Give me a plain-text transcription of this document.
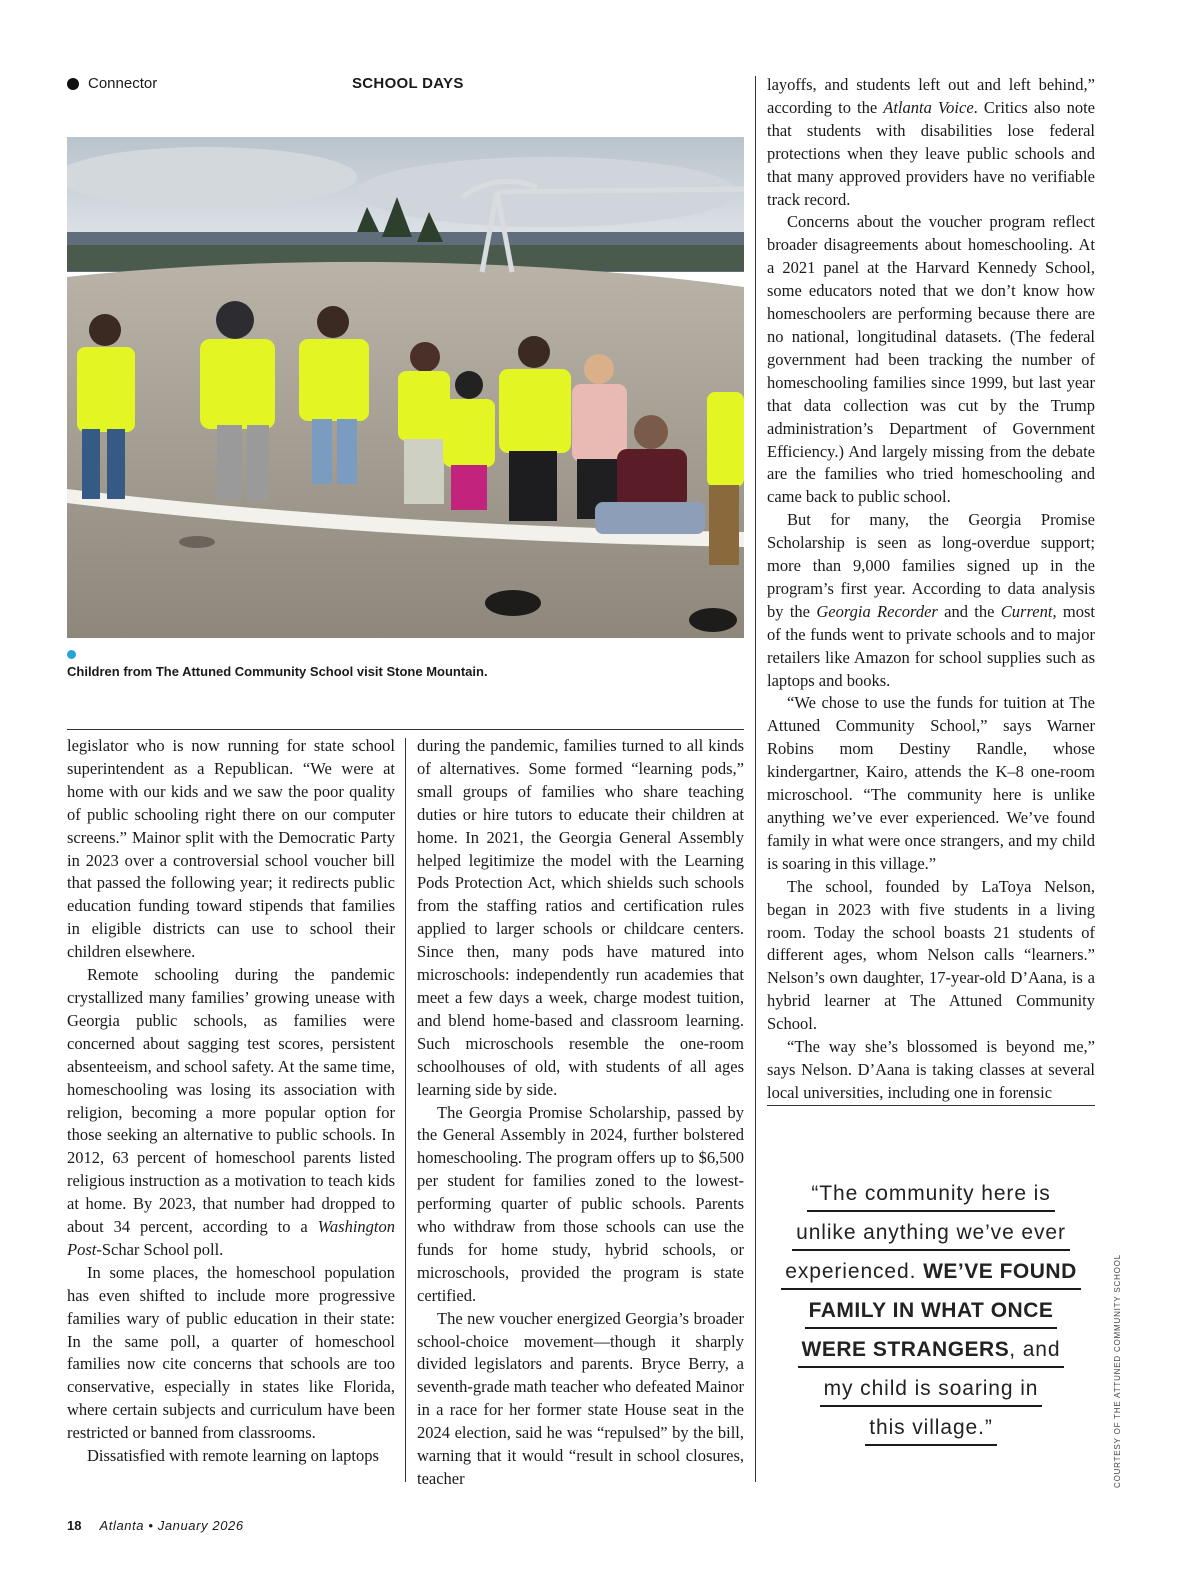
Connector	SCHOOL DAYS
Children from The Attuned Community School visit Stone Mountain.

legislator who is now running for state school superintendent as a Republican. “We were at home with our kids and we saw the poor quality of public schooling right there on our computer screens.” Mainor split with the Democratic Party in 2023 over a controversial school voucher bill that passed the following year; it redirects public education funding toward stipends that families in eligible districts can use to school their children elsewhere.

Remote schooling during the pandemic crystallized many families’ growing unease with Georgia public schools, as families were concerned about sagging test scores, persistent absenteeism, and school safety. At the same time, homeschooling was losing its association with religion, becoming a more popular option for those seeking an alternative to public schools. In 2012, 63 percent of homeschool parents listed religious instruction as a motivation to teach kids at home. By 2023, that number had dropped to about 34 percent, according to a Washington Post-Schar School poll.

In some places, the homeschool population has even shifted to include more progressive families wary of public education in their state: In the same poll, a quarter of homeschool families now cite concerns that schools are too conservative, especially in states like Florida, where certain subjects and curriculum have been restricted or banned from classrooms.

Dissatisfied with remote learning on laptops

during the pandemic, families turned to all kinds of alternatives. Some formed “learning pods,” small groups of families who share teaching duties or hire tutors to educate their children at home. In 2021, the Georgia General Assembly helped legitimize the model with the Learning Pods Protection Act, which shields such schools from the staffing ratios and certification rules applied to larger schools or childcare centers. Since then, many pods have matured into microschools: independently run academies that meet a few days a week, charge modest tuition, and blend home-based and classroom learning. Such microschools resemble the one-room schoolhouses of old, with students of all ages learning side by side.

The Georgia Promise Scholarship, passed by the General Assembly in 2024, further bolstered homeschooling. The program offers up to $6,500 per student for families zoned to the lowest-performing quarter of public schools. Parents who withdraw from those schools can use the funds for home study, hybrid schools, or microschools, provided the program is state certified.

The new voucher energized Georgia’s broader school-choice movement—though it sharply divided legislators and parents. Bryce Berry, a seventh-grade math teacher who defeated Mainor in a race for her former state House seat in the 2024 election, said he was “repulsed” by the bill, warning that it would “result in school closures, teacher

layoffs, and students left out and left behind,” according to the Atlanta Voice. Critics also note that students with disabilities lose federal protections when they leave public schools and that many approved providers have no verifiable track record.

Concerns about the voucher program reflect broader disagreements about homeschooling. At a 2021 panel at the Harvard Kennedy School, some educators noted that we don’t know how homeschoolers are performing because there are no national, longitudinal datasets. (The federal government had been tracking the number of homeschooling families since 1999, but last year that data collection was cut by the Trump administration’s Department of Government Efficiency.) And largely missing from the debate are the families who tried homeschooling and came back to public school.

But for many, the Georgia Promise Scholarship is seen as long-overdue support; more than 9,000 families signed up in the program’s first year. According to data analysis by the Georgia Recorder and the Current, most of the funds went to private schools and to major retailers like Amazon for school supplies such as laptops and books.

“We chose to use the funds for tuition at The Attuned Community School,” says Warner Robins mom Destiny Randle, whose kindergartner, Kairo, attends the K–8 one-room microschool. “The community here is unlike anything we’ve ever experienced. We’ve found family in what were once strangers, and my child is soaring in this village.”

The school, founded by LaToya Nelson, began in 2023 with five students in a living room. Today the school boasts 21 students of different ages, whom Nelson calls “learners.” Nelson’s own daughter, 17-year-old D’Aana, is a hybrid learner at The Attuned Community School.

“The way she’s blossomed is beyond me,” says Nelson. D’Aana is taking classes at several local universities, including one in forensic

“The community here is
unlike anything we’ve ever
experienced. WE’VE FOUND
FAMILY IN WHAT ONCE
WERE STRANGERS, and
my child is soaring in
this village.”	COURTESY OF THE ATTUNED COMMUNITY SCHOOL
18 Atlanta • January 2026
